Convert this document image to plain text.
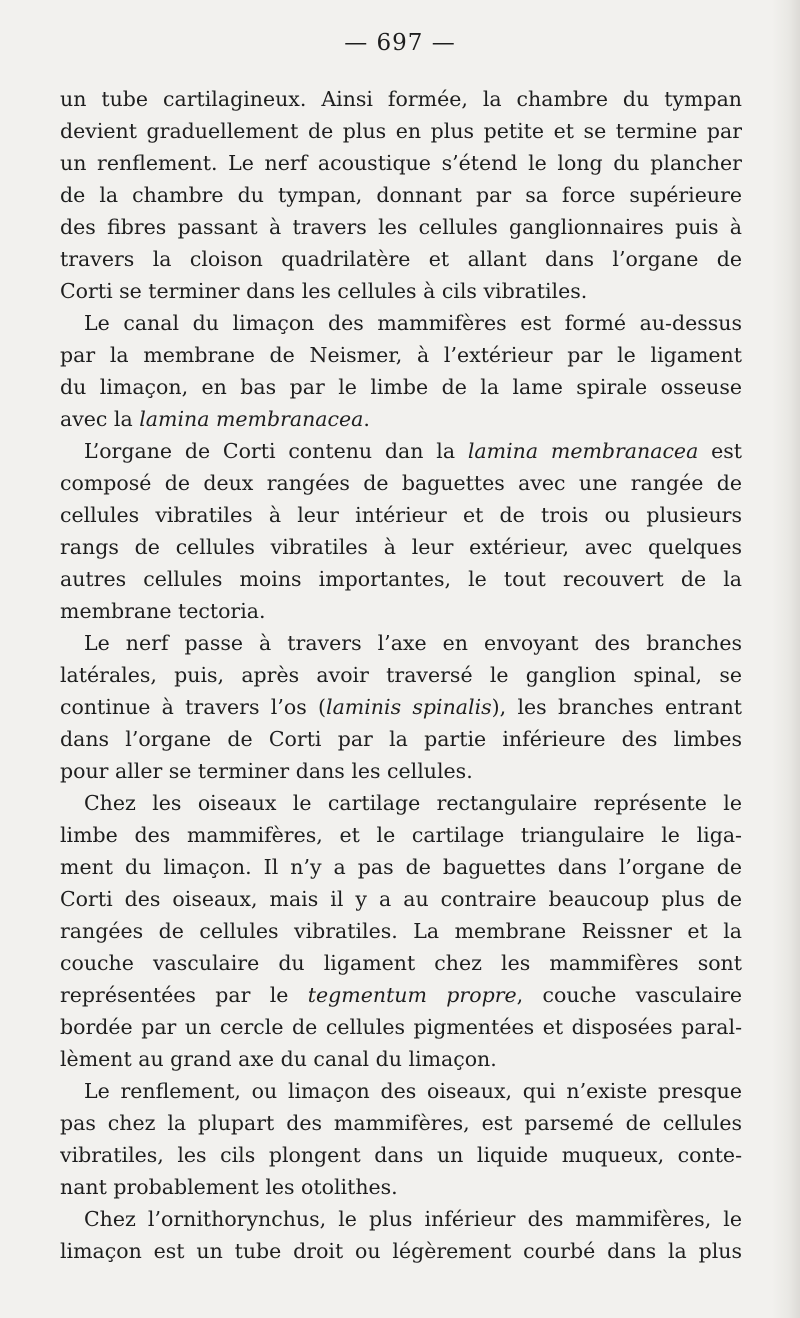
— 697 —
un tube cartilagineux. Ainsi formée, la chambre du tympan
devient graduellement de plus en plus petite et se termine par
un renflement. Le nerf acoustique s’étend le long du plancher
de la chambre du tympan, donnant par sa force supérieure
des fibres passant à travers les cellules ganglionnaires puis à
travers la cloison quadrilatère et allant dans l’organe de
Corti se terminer dans les cellules à cils vibratiles.
Le canal du limaçon des mammifères est formé au-dessus
par la membrane de Neismer, à l’extérieur par le ligament
du limaçon, en bas par le limbe de la lame spirale osseuse
avec la lamina membranacea.
L’organe de Corti contenu dan la lamina membranacea est
composé de deux rangées de baguettes avec une rangée de
cellules vibratiles à leur intérieur et de trois ou plusieurs
rangs de cellules vibratiles à leur extérieur, avec quelques
autres cellules moins importantes, le tout recouvert de la
membrane tectoria.
Le nerf passe à travers l’axe en envoyant des branches
latérales, puis, après avoir traversé le ganglion spinal, se
continue à travers l’os (laminis spinalis), les branches entrant
dans l’organe de Corti par la partie inférieure des limbes
pour aller se terminer dans les cellules.
Chez les oiseaux le cartilage rectangulaire représente le
limbe des mammifères, et le cartilage triangulaire le liga-
ment du limaçon. Il n’y a pas de baguettes dans l’organe de
Corti des oiseaux, mais il y a au contraire beaucoup plus de
rangées de cellules vibratiles. La membrane Reissner et la
couche vasculaire du ligament chez les mammifères sont
représentées par le tegmentum propre, couche vasculaire
bordée par un cercle de cellules pigmentées et disposées paral-
lèment au grand axe du canal du limaçon.
Le renflement, ou limaçon des oiseaux, qui n’existe presque
pas chez la plupart des mammifères, est parsemé de cellules
vibratiles, les cils plongent dans un liquide muqueux, conte-
nant probablement les otolithes.
Chez l’ornithorynchus, le plus inférieur des mammifères, le
limaçon est un tube droit ou légèrement courbé dans la plus
